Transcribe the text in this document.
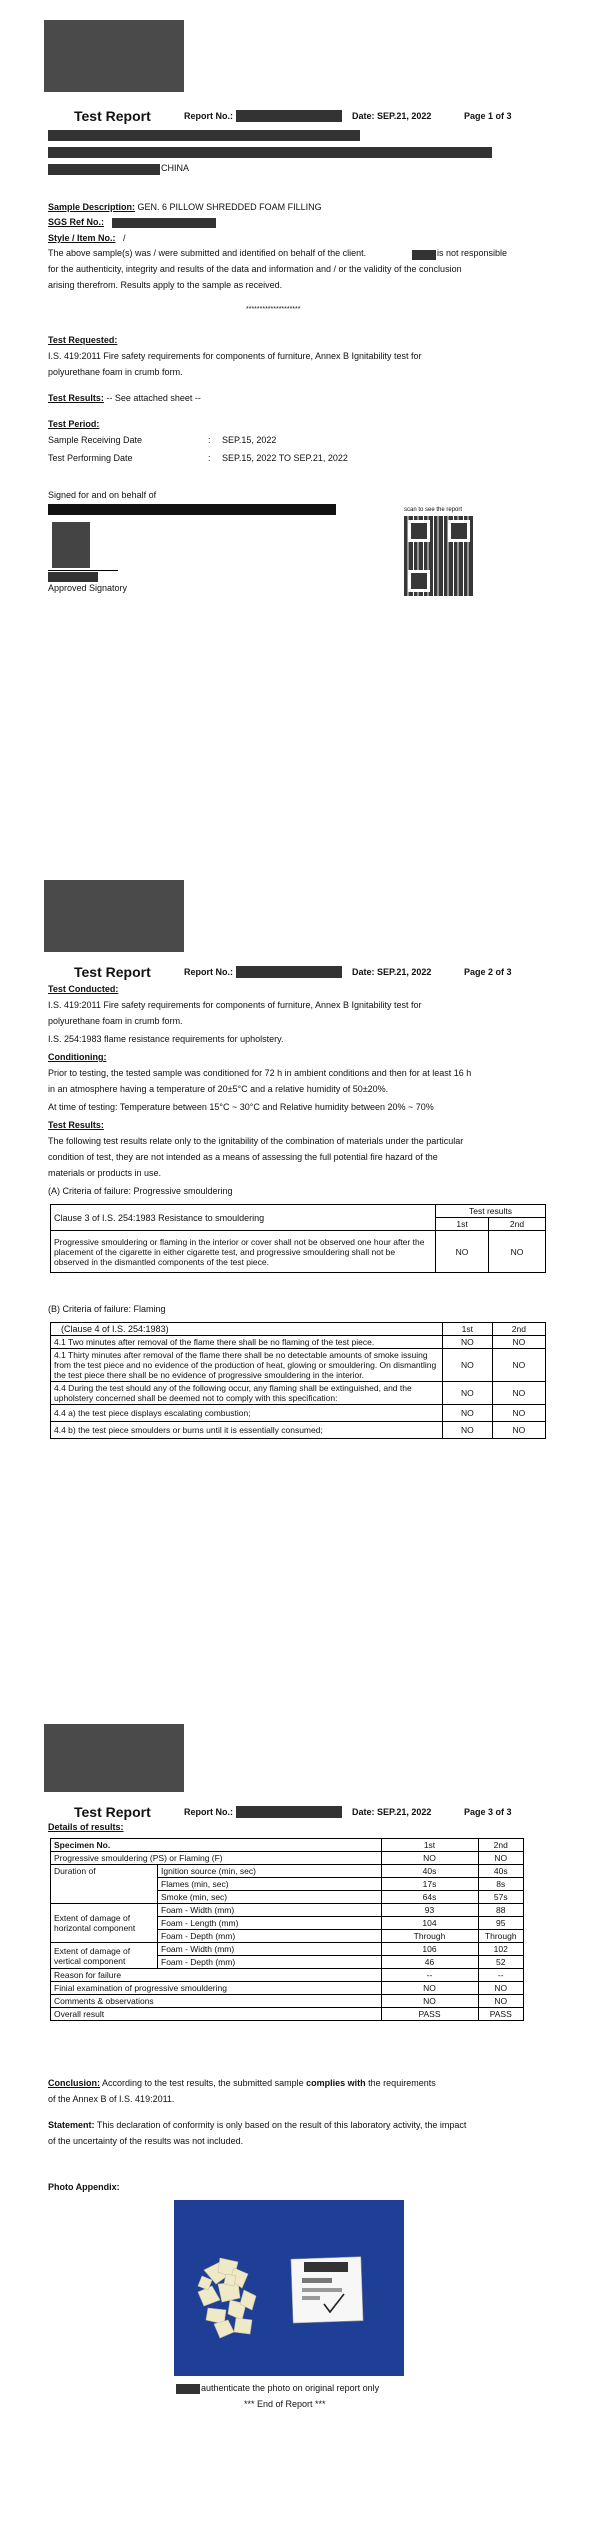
Test Report	Report No.:	Date: SEP.21, 2022	Page 1 of 3
CHINA
Sample Description: GEN. 6 PILLOW SHREDDED FOAM FILLING
SGS Ref No.:
Style / Item No.: /
The above sample(s) was / were submitted and identified on behalf of the client.	is not responsible
for the authenticity, integrity and results of the data and information and / or the validity of the conclusion
arising therefrom. Results apply to the sample as received.
********************
Test Requested:
I.S. 419:2011 Fire safety requirements for components of furniture, Annex B Ignitability test for
polyurethane foam in crumb form.
Test Results: -- See attached sheet --
Test Period:
Sample Receiving Date	: SEP.15, 2022
Test Performing Date	: SEP.15, 2022 TO SEP.21, 2022
Signed for and on behalf of
Approved Signatory
scan to see the report
Test Report	Report No.:	Date: SEP.21, 2022	Page 2 of 3
Test Conducted:
I.S. 419:2011 Fire safety requirements for components of furniture, Annex B Ignitability test for
polyurethane foam in crumb form.
I.S. 254:1983 flame resistance requirements for upholstery.
Conditioning:
Prior to testing, the tested sample was conditioned for 72 h in ambient conditions and then for at least 16 h
in an atmosphere having a temperature of 20±5°C and a relative humidity of 50±20%.
At time of testing: Temperature between 15°C ~ 30°C and Relative humidity between 20% ~ 70%
Test Results:
The following test results relate only to the ignitability of the combination of materials under the particular
condition of test, they are not intended as a means of assessing the full potential fire hazard of the
materials or products in use.
(A) Criteria of failure: Progressive smouldering
Clause 3 of I.S. 254:1983 Resistance to smouldering	Test results	
	1st	2nd
Progressive smouldering or flaming in the interior or cover shall not be observed one hour after the placement of the cigarette in either cigarette test, and progressive smouldering shall not be observed in the dismantled components of the test piece.	NO	NO
(B) Criteria of failure: Flaming
(Clause 4 of I.S. 254:1983)	1st	2nd
4.1 Two minutes after removal of the flame there shall be no flaming of the test piece.	NO	NO
4.1 Thirty minutes after removal of the flame there shall be no detectable amounts of smoke issuing from the test piece and no evidence of the production of heat, glowing or smouldering. On dismantling the test piece there shall be no evidence of progressive smouldering in the interior.	NO	NO
4.4 During the test should any of the following occur, any flaming shall be extinguished, and the upholstery concerned shall be deemed not to comply with this specification:	NO	NO
4.4 a) the test piece displays escalating combustion;	NO	NO
4.4 b) the test piece smoulders or burns until it is essentially consumed;	NO	NO
Test Report	Report No.:	Date: SEP.21, 2022	Page 3 of 3
Details of results:
Specimen No.		1st	2nd
Progressive smouldering (PS) or Flaming (F)		NO	NO
Duration of	Ignition source (min, sec)	40s	40s
	Flames (min, sec)	17s	8s
	Smoke (min, sec)	64s	57s
Extent of damage of horizontal component	Foam - Width (mm)	93	88
	Foam - Length (mm)	104	95
	Foam - Depth (mm)	Through	Through
Extent of damage of vertical component	Foam - Width (mm)	106	102
	Foam - Depth (mm)	46	52
Reason for failure		--	--
Finial examination of progressive smouldering		NO	NO
Comments & observations		NO	NO
Overall result		PASS	PASS
Conclusion: According to the test results, the submitted sample complies with the requirements
of the Annex B of I.S. 419:2011.
Statement: This declaration of conformity is only based on the result of this laboratory activity, the impact
of the uncertainty of the results was not included.
Photo Appendix:
authenticate the photo on original report only
*** End of Report ***
